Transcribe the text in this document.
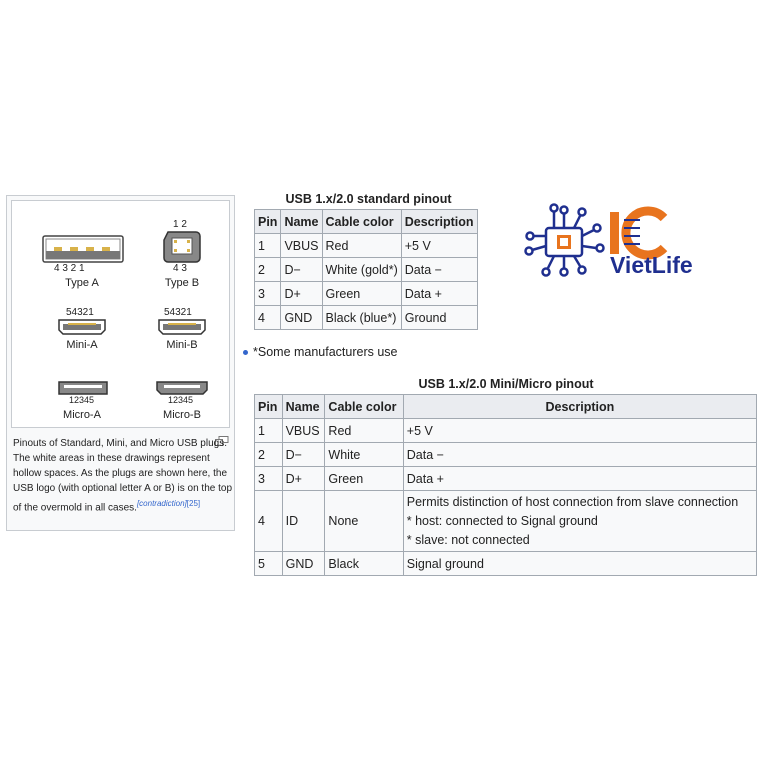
4 3 2 1
Type A
1 2
4 3
Type B
54321
Mini-A
54321
Mini-B
12345
Micro-A
12345
Micro-B
Pinouts of Standard, Mini, and Micro USB plugs. The white areas in these drawings represent hollow spaces. As the plugs are shown here, the USB logo (with optional letter A or B) is on the top of the overmold in all cases.[contradiction][25]
USB 1.x/2.0 standard pinout
Pin	Name	Cable color	Description
1	VBUS	Red	+5 V
2	D−	White (gold*)	Data −
3	D+	Green	Data +
4	GND	Black (blue*)	Ground
*Some manufacturers use
USB 1.x/2.0 Mini/Micro pinout
Pin	Name	Cable color	Description
1	VBUS	Red	+5 V
2	D−	White	Data −
3	D+	Green	Data +
4	ID	None	Permits distinction of host connection from slave connection
* host: connected to Signal ground
* slave: not connected

5	GND	Black	Signal ground
VietLife
